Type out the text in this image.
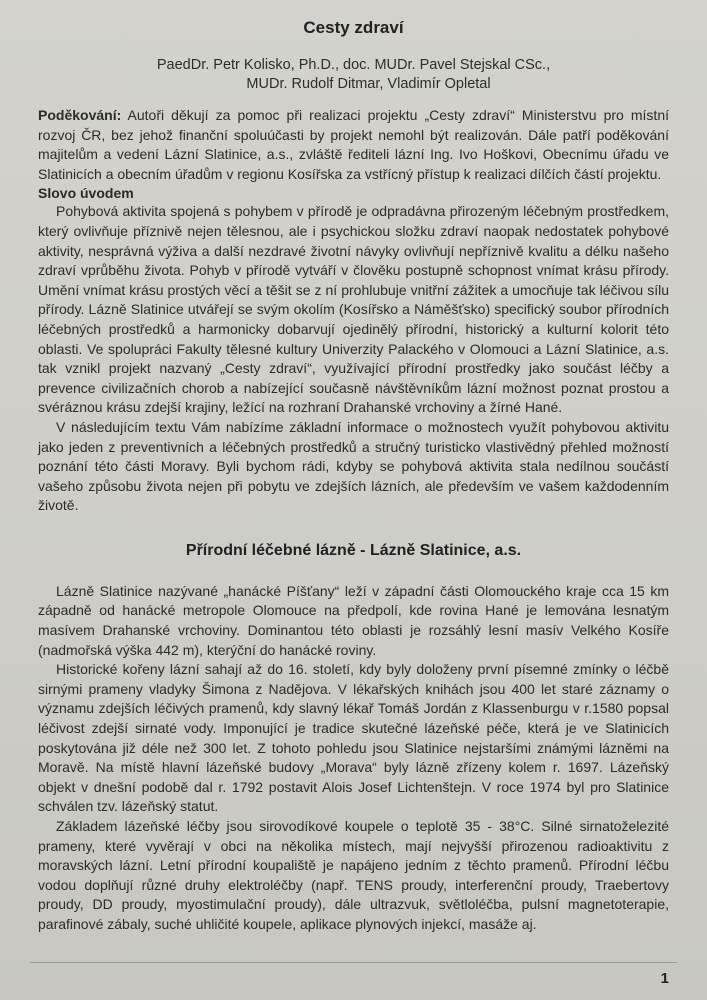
Cesty zdraví
PaedDr. Petr Kolisko, Ph.D., doc. MUDr. Pavel Stejskal CSc.,
MUDr. Rudolf Ditmar, Vladimír Opletal

Poděkování: Autoři děkují za pomoc při realizaci projektu „Cesty zdraví“ Ministerstvu pro místní rozvoj ČR, bez jehož finanční spoluúčasti by projekt nemohl být realizován. Dále patří poděkování majitelům a vedení Lázní Slatinice, a.s., zvláště řediteli lázní Ing. Ivo Hoškovi, Obecnímu úřadu ve Slatinicích a obecním úřadům v regionu Kosířska za vstřícný přístup k realizaci dílčích částí projektu.

Slovo úvodem

Pohybová aktivita spojená s pohybem v přírodě je odpradávna přirozeným léčebným prostředkem, který ovlivňuje příznivě nejen tělesnou, ale i psychickou složku zdraví naopak nedostatek pohybové aktivity, nesprávná výživa a další nezdravé životní návyky ovlivňují nepříznivě kvalitu a délku našeho zdraví vprůběhu života. Pohyb v přírodě vytváří v člověku postupně schopnost vnímat krásu přírody. Umění vnímat krásu prostých věcí a těšit se z ní prohlubuje vnitřní zážitek a umocňuje tak léčivou sílu přírody. Lázně Slatinice utvářejí se svým okolím (Kosířsko a Náměšťsko) specifický soubor přírodních léčebných prostředků a harmonicky dobarvují ojedinělý přírodní, historický a kulturní kolorit této oblasti. Ve spolupráci Fakulty tělesné kultury Univerzity Palackého v Olomouci a Lázní Slatinice, a.s. tak vznikl projekt nazvaný „Cesty zdraví“, využívající přírodní prostředky jako součást léčby a prevence civilizačních chorob a nabízející současně návštěvníkům lázní možnost poznat prostou a svéráznou krásu zdejší krajiny, ležící na rozhraní Drahanské vrchoviny a žírné Hané.

V následujícím textu Vám nabízíme základní informace o možnostech využít pohybovou aktivitu jako jeden z preventivních a léčebných prostředků a stručný turisticko vlastivědný přehled možností poznání této části Moravy. Byli bychom rádi, kdyby se pohybová aktivita stala nedílnou součástí vašeho způsobu života nejen při pobytu ve zdejších lázních, ale především ve vašem každodenním životě.

Přírodní léčebné lázně - Lázně Slatinice, a.s.

Lázně Slatinice nazývané „hanácké Píšťany“ leží v západní části Olomouckého kraje cca 15 km západně od hanácké metropole Olomouce na předpolí, kde rovina Hané je lemována lesnatým masívem Drahanské vrchoviny. Dominantou této oblasti je rozsáhlý lesní masív Velkého Kosíře (nadmořská výška 442 m), kterýční do hanácké roviny.

Historické kořeny lázní sahají až do 16. století, kdy byly doloženy první písemné zmínky o léčbě sirnými prameny vladyky Šimona z Nadějova. V lékařských knihách jsou 400 let staré záznamy o významu zdejších léčivých pramenů, kdy slavný lékař Tomáš Jordán z Klassenburgu v r.1580 popsal léčivost zdejší sirnaté vody. Imponující je tradice skutečné lázeňské péče, která je ve Slatinicích poskytována již déle než 300 let. Z tohoto pohledu jsou Slatinice nejstaršími známými lázněmi na Moravě. Na místě hlavní lázeňské budovy „Morava“ byly lázně zřízeny kolem r. 1697. Lázeňský objekt v dnešní podobě dal r. 1792 postavit Alois Josef Lichtenštejn. V roce 1974 byl pro Slatinice schválen tzv. lázeňský statut.

Základem lázeňské léčby jsou sirovodíkové koupele o teplotě 35 - 38°C. Silné sirnatoželezité prameny, které vyvěrají v obci na několika místech, mají nejvyšší přirozenou radioaktivitu z moravských lázní. Letní přírodní koupaliště je napájeno jedním z těchto pramenů. Přírodní léčbu vodou doplňují různé druhy elektroléčby (např. TENS proudy, interferenční proudy, Traebertovy proudy, DD proudy, myostimulační proudy), dále ultrazvuk, světloléčba, pulsní magnetoterapie, parafinové zábaly, suché uhličité koupele, aplikace plynových injekcí, masáže aj.

1
